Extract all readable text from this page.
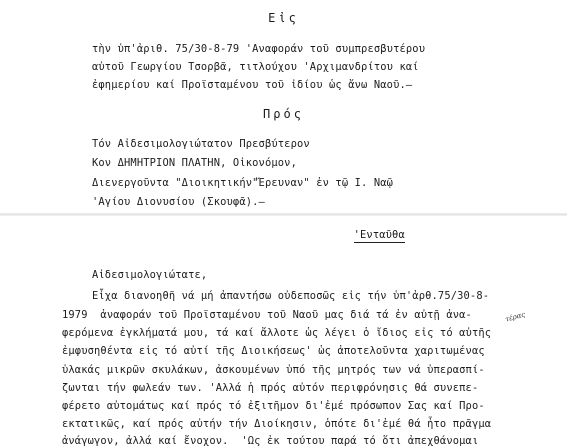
Εἰς
τὴν ὑπ'ἀριθ. 75/30-8-79 'Αναφοράν τοῦ συμπρεσβυτέρου
αὐτοῦ Γεωργίου Τσορβᾶ, τιτλούχου 'Αρχιμανδρίτου καί
ἐφημερίου καί Προϊσταμένου τοῦ ἰδίου ὡς ἄνω Ναοῦ.—
Πρός
Τόν Αἰδεσιμολογιώτατον Πρεσβύτερον
Κον ΔΗΜΗΤΡΙΟΝ ΠΛΑΤΗΝ, Οἰκονόμον,
Διενεργοῦντα "Διοικητικήν"Ἔρευναν" ἐν τῷ Ι. Ναῷ
'Αγίου Διονυσίου (Σκουφᾶ).—

'Ενταῦθα

Αἰδεσιμολογιώτατε,
Εἶχα διανοηθῆ νά μή ἀπαντήσω οὐδεποσῶς εἰς τήν ὑπ'ἀρθ.75/30-8-
1979  ἀναφοράν τοῦ Προϊσταμένου τοῦ Ναοῦ μας διά τά ἐν αὐτῇ ἀνα-
φερόμενα ἐγκλήματά μου, τά καί ἄλλοτε ὡς λέγει ὁ ἴδιος εἰς τό αὐτῆς
ἐμφυσηθέντα εἰς τό αὐτί τῆς Διοικήσεως' ὡς ἀποτελοῦντα χαριτωμένας
ὑλακάς μικρῶν σκυλάκων, ἀσκουμένων ὑπό τῆς μητρός των νά ὑπερασπί-
ζωνται τήν φωλεάν των. 'Αλλά ἡ πρός αὐτόν περιφρόνησις θά συνεπε-
φέρετο αὐτομάτως καί πρός τό ἐξιτῆμον δι'ἐμέ πρόσωπον Σας καί Προ-
εκτατικῶς, καί πρός αὐτήν τήν Διοίκησιν, ὁπότε δι'ἐμέ θά ἦτο πρᾶγμα
ἀνάγωγον, ἀλλά καί ἔνοχον.  'Ως ἐκ τούτου παρά τό ὅτι ἀπεχθάνομαι
τέρας
